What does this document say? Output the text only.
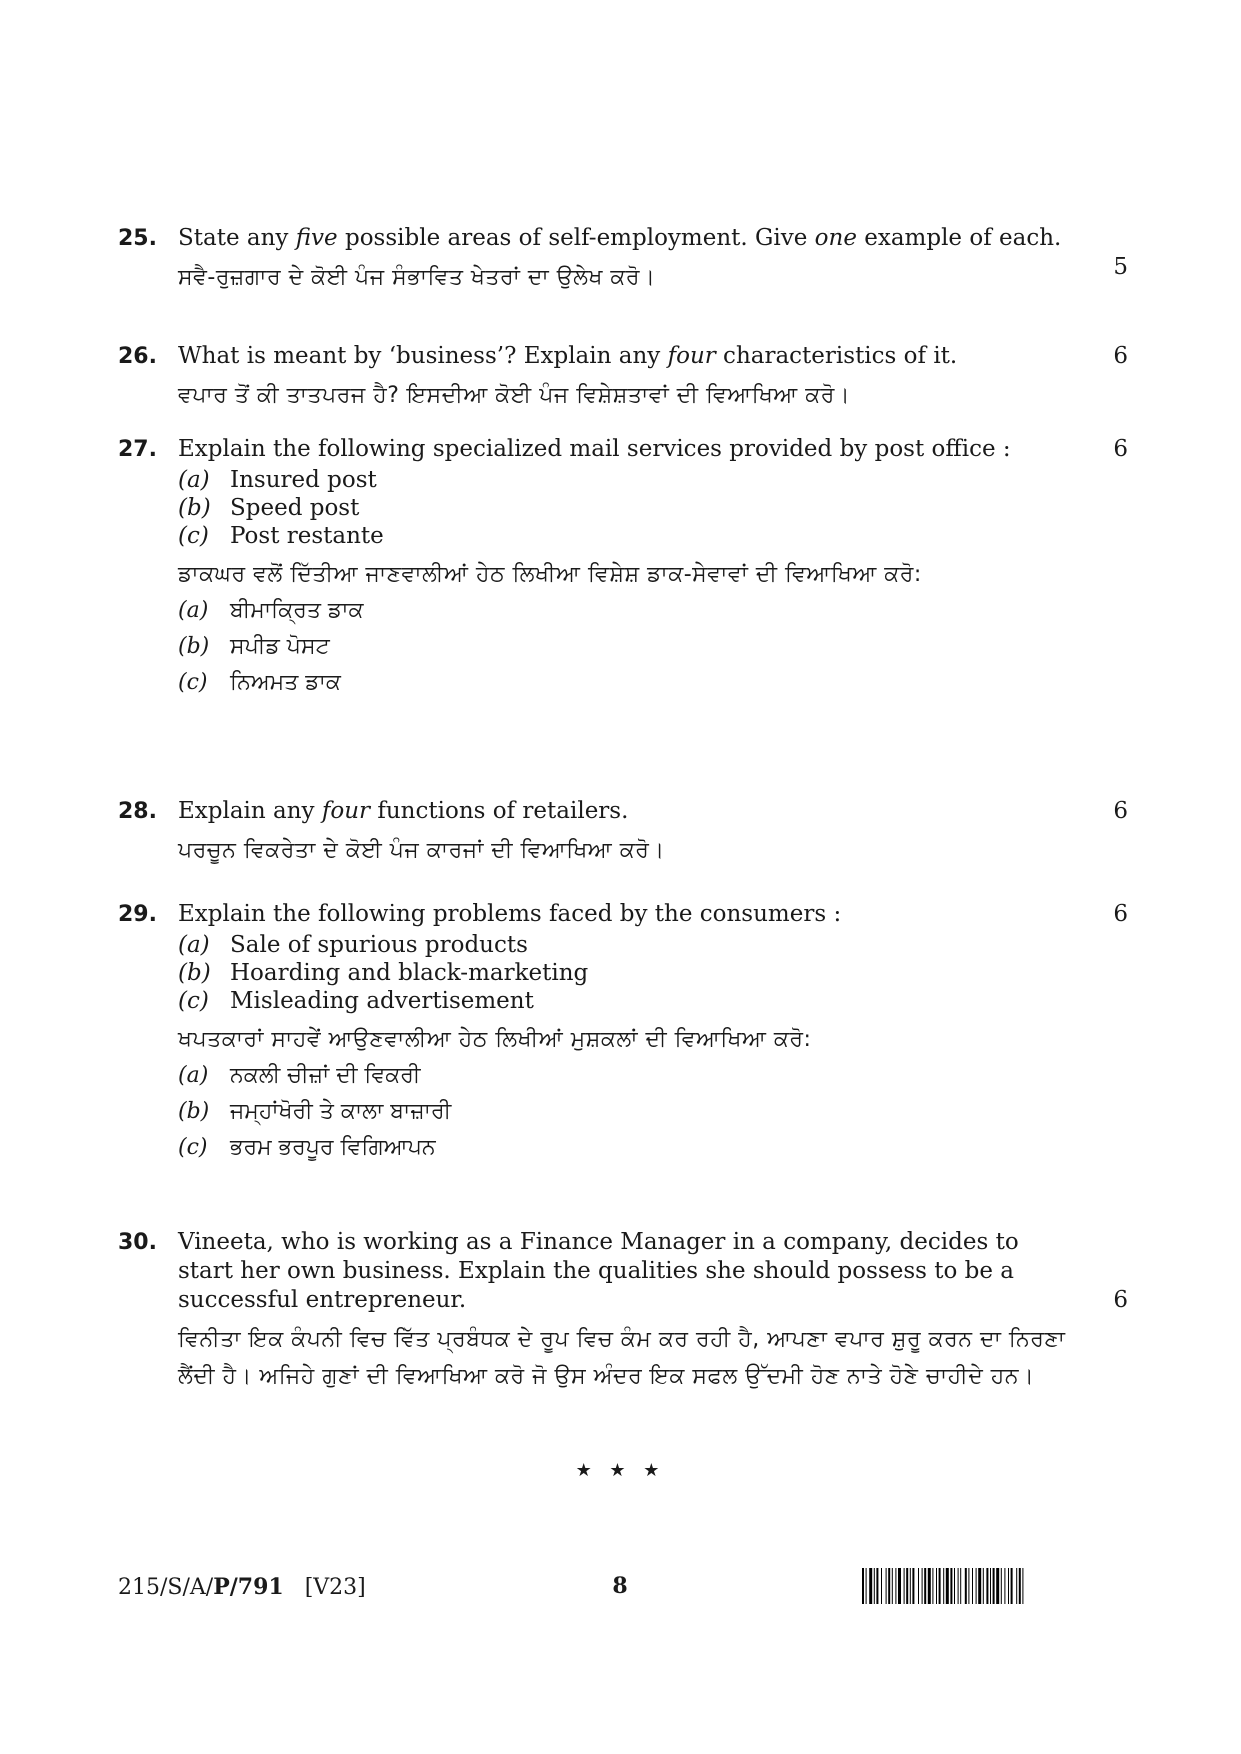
25. State any five possible areas of self-employment. Give one example of each.

ਸਵੈ-ਰੁਜ਼ਗਾਰ ਦੇ ਕੋਈ ਪੰਜ ਸੰਭਾਵਿਤ ਖੇਤਰਾਂ ਦਾ ਉਲੇਖ ਕਰੋ।	5
26. What is meant by ‘business’? Explain any four characteristics of it.

ਵਪਾਰ ਤੋਂ ਕੀ ਤਾਤਪਰਜ ਹੈ? ਇਸਦੀਆ ਕੋਈ ਪੰਜ ਵਿਸ਼ੇਸ਼ਤਾਵਾਂ ਦੀ ਵਿਆਖਿਆ ਕਰੋ।

6
27. Explain the following specialized mail services provided by post office :

(a) Insured post
(b) Speed post
(c) Post restante

ਡਾਕਘਰ ਵਲੋਂ ਦਿੱਤੀਆ ਜਾਣਵਾਲੀਆਂ ਹੇਠ ਲਿਖੀਆ ਵਿਸ਼ੇਸ਼ ਡਾਕ-ਸੇਵਾਵਾਂ ਦੀ ਵਿਆਖਿਆ ਕਰੋ:

(a) ਬੀਮਾਕ੍ਰਿਤ ਡਾਕ
(b) ਸਪੀਡ ਪੋਸਟ
(c)	ਨਿਅਮਤ ਡਾਕ
6
28. Explain any four functions of retailers.

ਪਰਚੂਨ ਵਿਕਰੇਤਾ ਦੇ ਕੋਈ ਪੰਜ ਕਾਰਜਾਂ ਦੀ ਵਿਆਖਿਆ ਕਰੋ।

6
29. Explain the following problems faced by the consumers :

(a) Sale of spurious products
(b) Hoarding and black-marketing
(c) Misleading advertisement

ਖਪਤਕਾਰਾਂ ਸਾਹਵੇਂ ਆਉਣਵਾਲੀਆ ਹੇਠ ਲਿਖੀਆਂ ਮੁਸ਼ਕਲਾਂ ਦੀ ਵਿਆਖਿਆ ਕਰੋ:

(a) ਨਕਲੀ ਚੀਜ਼ਾਂ ਦੀ ਵਿਕਰੀ
(b) ਜਮ੍ਹਾਂਖੋਰੀ ਤੇ ਕਾਲਾ ਬਾਜ਼ਾਰੀ
(c)	ਭਰਮ ਭਰਪੂਰ ਵਿਗਿਆਪਨ
6
30. Vineeta, who is working as a Finance Manager in a company, decides to start her own business. Explain the qualities she should possess to be a successful entrepreneur.

ਵਿਨੀਤਾ ਇਕ ਕੰਪਨੀ ਵਿਚ ਵਿੱਤ ਪ੍ਰਬੰਧਕ ਦੇ ਰੂਪ ਵਿਚ ਕੰਮ ਕਰ ਰਹੀ ਹੈ, ਆਪਣਾ ਵਪਾਰ ਸ਼ੁਰੂ ਕਰਨ ਦਾ ਨਿਰਣਾ ਲੈਂਦੀ ਹੈ। ਅਜਿਹੇ ਗੁਣਾਂ ਦੀ ਵਿਆਖਿਆ ਕਰੋ ਜੋ ਉਸ ਅੰਦਰ ਇਕ ਸਫਲ ਉੱਦਮੀ ਹੋਣ ਨਾਤੇ ਹੋਣੇ ਚਾਹੀਦੇ ਹਨ।

6
★ ★ ★
215/S/A/P/791 [V23]	8
